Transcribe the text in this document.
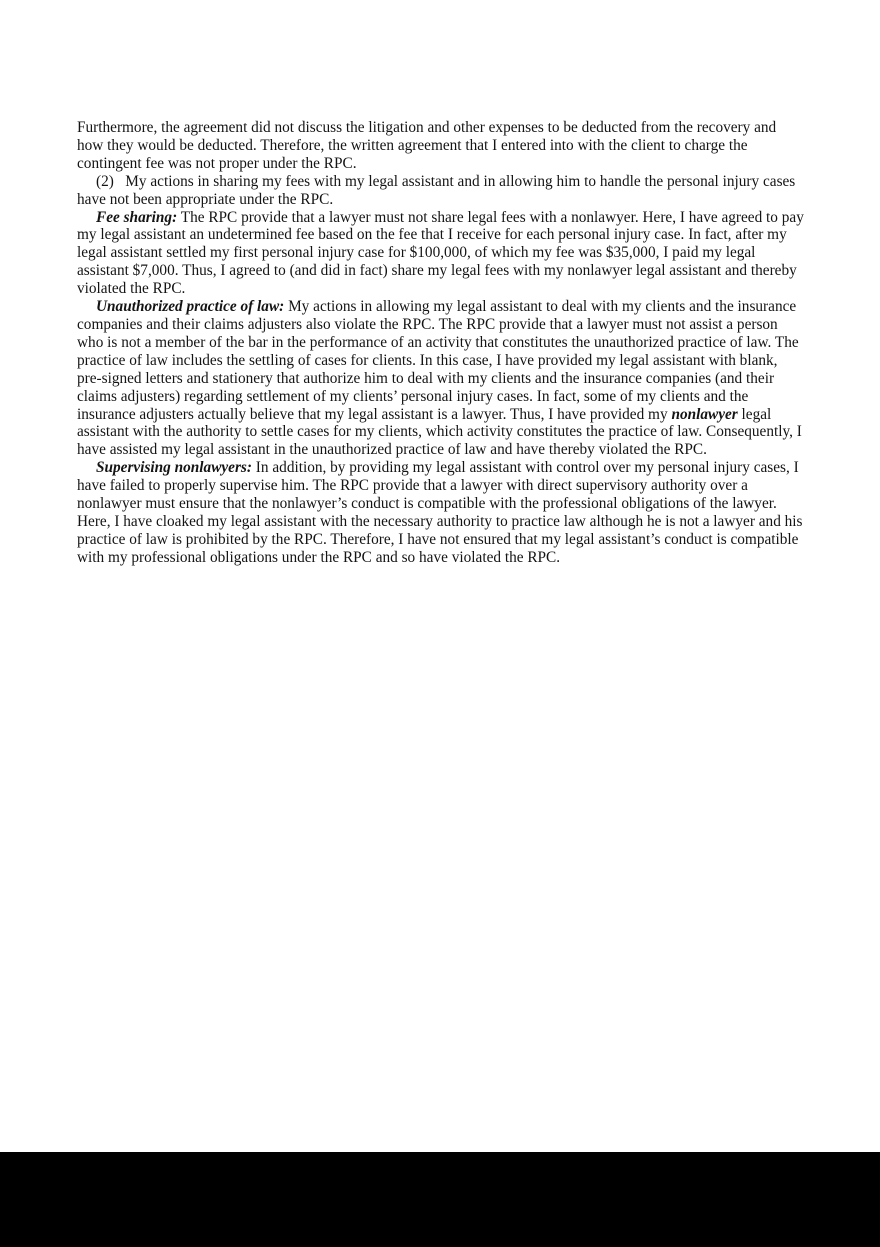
Furthermore, the agreement did not discuss the litigation and other expenses to be deducted from the recovery and how they would be deducted. Therefore, the written agreement that I entered into with the client to charge the contingent fee was not proper under the RPC.

(2)   My actions in sharing my fees with my legal assistant and in allowing him to handle the personal injury cases have not been appropriate under the RPC.

Fee sharing: The RPC provide that a lawyer must not share legal fees with a nonlawyer. Here, I have agreed to pay my legal assistant an undetermined fee based on the fee that I receive for each personal injury case. In fact, after my legal assistant settled my first personal injury case for $100,000, of which my fee was $35,000, I paid my legal assistant $7,000. Thus, I agreed to (and did in fact) share my legal fees with my nonlawyer legal assistant and thereby violated the RPC.

Unauthorized practice of law: My actions in allowing my legal assistant to deal with my clients and the insurance companies and their claims adjusters also violate the RPC. The RPC provide that a lawyer must not assist a person who is not a member of the bar in the performance of an activity that constitutes the unauthorized practice of law. The practice of law includes the settling of cases for clients. In this case, I have provided my legal assistant with blank, pre-signed letters and stationery that authorize him to deal with my clients and the insurance companies (and their claims adjusters) regarding settlement of my clients’ personal injury cases. In fact, some of my clients and the insurance adjusters actually believe that my legal assistant is a lawyer. Thus, I have provided my nonlawyer legal assistant with the authority to settle cases for my clients, which activity constitutes the practice of law. Consequently, I have assisted my legal assistant in the unauthorized practice of law and have thereby violated the RPC.

Supervising nonlawyers: In addition, by providing my legal assistant with control over my personal injury cases, I have failed to properly supervise him. The RPC provide that a lawyer with direct supervisory authority over a nonlawyer must ensure that the nonlawyer’s conduct is compatible with the professional obligations of the lawyer. Here, I have cloaked my legal assistant with the necessary authority to practice law although he is not a lawyer and his practice of law is prohibited by the RPC. Therefore, I have not ensured that my legal assistant’s conduct is compatible with my professional obligations under the RPC and so have violated the RPC.
